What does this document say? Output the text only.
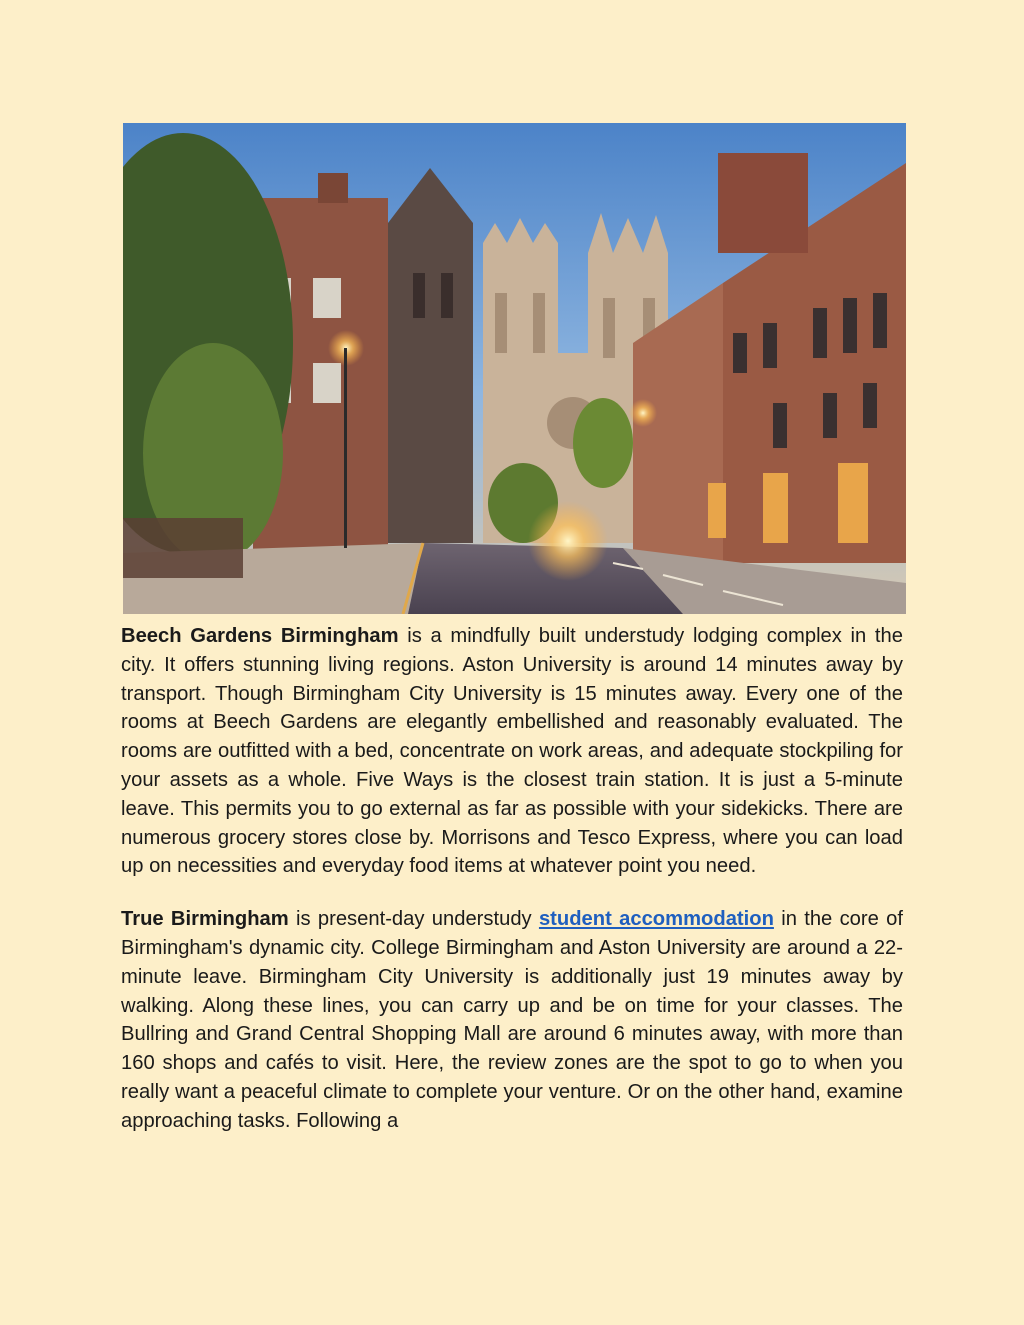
Beech Gardens Birmingham is a mindfully built understudy lodging complex in the city. It offers stunning living regions. Aston University is around 14 minutes away by transport. Though Birmingham City University is 15 minutes away. Every one of the rooms at Beech Gardens are elegantly embellished and reasonably evaluated. The rooms are outfitted with a bed, concentrate on work areas, and adequate stockpiling for your assets as a whole. Five Ways is the closest train station. It is just a 5-minute leave. This permits you to go external as far as possible with your sidekicks. There are numerous grocery stores close by. Morrisons and Tesco Express, where you can load up on necessities and everyday food items at whatever point you need.

True Birmingham is present-day understudy student accommodation in the core of Birmingham's dynamic city. College Birmingham and Aston University are around a 22-minute leave. Birmingham City University is additionally just 19 minutes away by walking. Along these lines, you can carry up and be on time for your classes. The Bullring and Grand Central Shopping Mall are around 6 minutes away, with more than 160 shops and cafés to visit. Here, the review zones are the spot to go to when you really want a peaceful climate to complete your venture. Or on the other hand, examine approaching tasks. Following a
